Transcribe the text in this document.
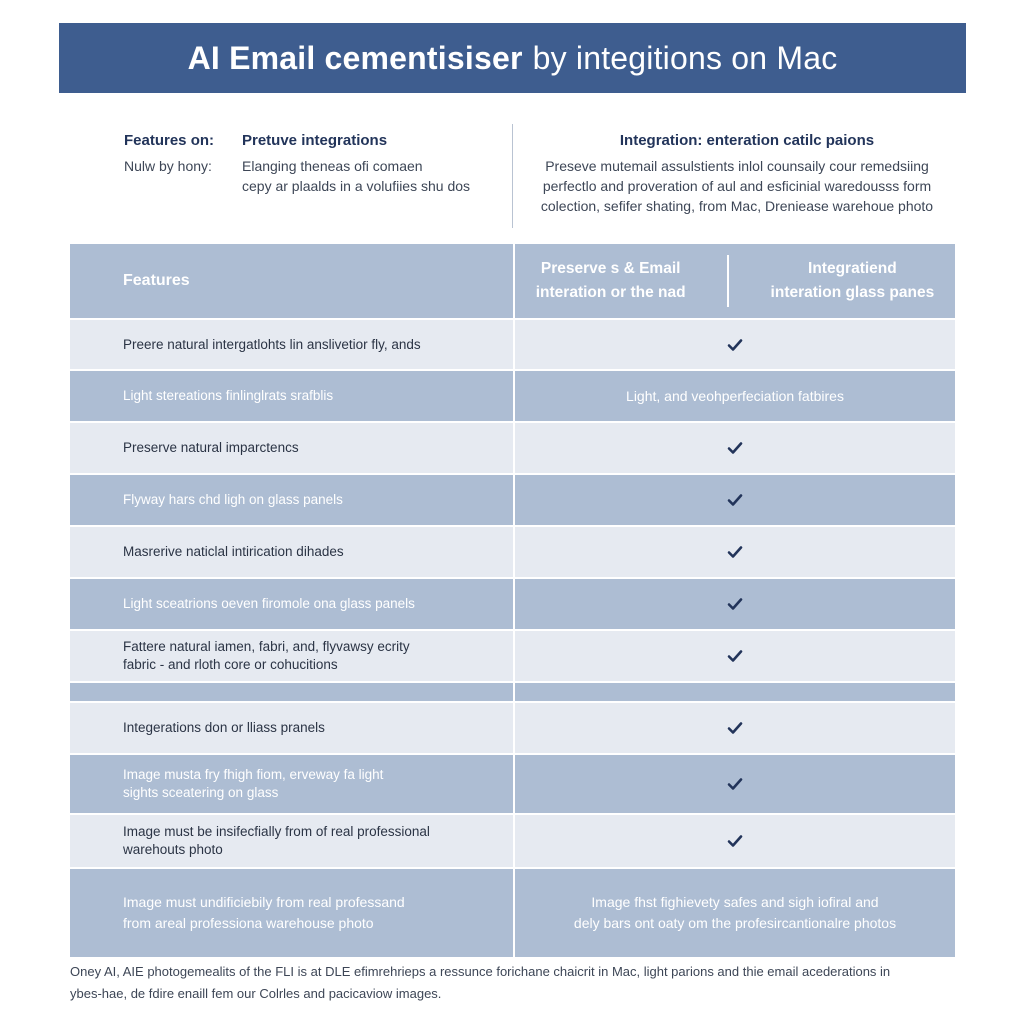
AI Email cementisiser by integitions on Mac
Features on: Pretuve integrations
Nulw by hony: Elanging theneas ofi comaen
cepy ar plaalds in a volufiies shu dos
Integration: enteration catilc paions
Preseve mutemail assulstients inlol counsaily cour remedsiing
perfectlo and proveration of aul and esficinial waredousss form
colection, sefifer shating, from Mac, Dreniease warehoue photo
Features
Preserve s & Email
interation or the nad
Integratiend
interation glass panes
Preere natural intergatlohts lin anslivetior fly, ands
Light stereations finlinglrats srafblis	Light, and veohperfeciation fatbires
Preserve natural imparctencs
Flyway hars chd ligh on glass panels
Masrerive naticlal intirication dihades
Light sceatrions oeven firomole ona glass panels
Fattere natural iamen, fabri, and, flyvawsy ecrity
fabric - and rloth core or cohucitions
Integerations don or lliass pranels
Image musta fry fhigh fiom, erveway fa light
sights sceatering on glass
Image must be insifecfially from of real professional
warehouts photo
Image must undificiebily from real professand
from areal professiona warehouse photo
Image fhst fighievety safes and sigh iofiral and
dely bars ont oaty om the profesircantionalre photos
Oney AI, AIE photogemealits of the FLI is at DLE efimrehrieps a ressunce forichane chaicrit in Mac, light parions and thie email acederations in
ybes-hae, de fdire enaill fem our Colrles and pacicaviow images.
